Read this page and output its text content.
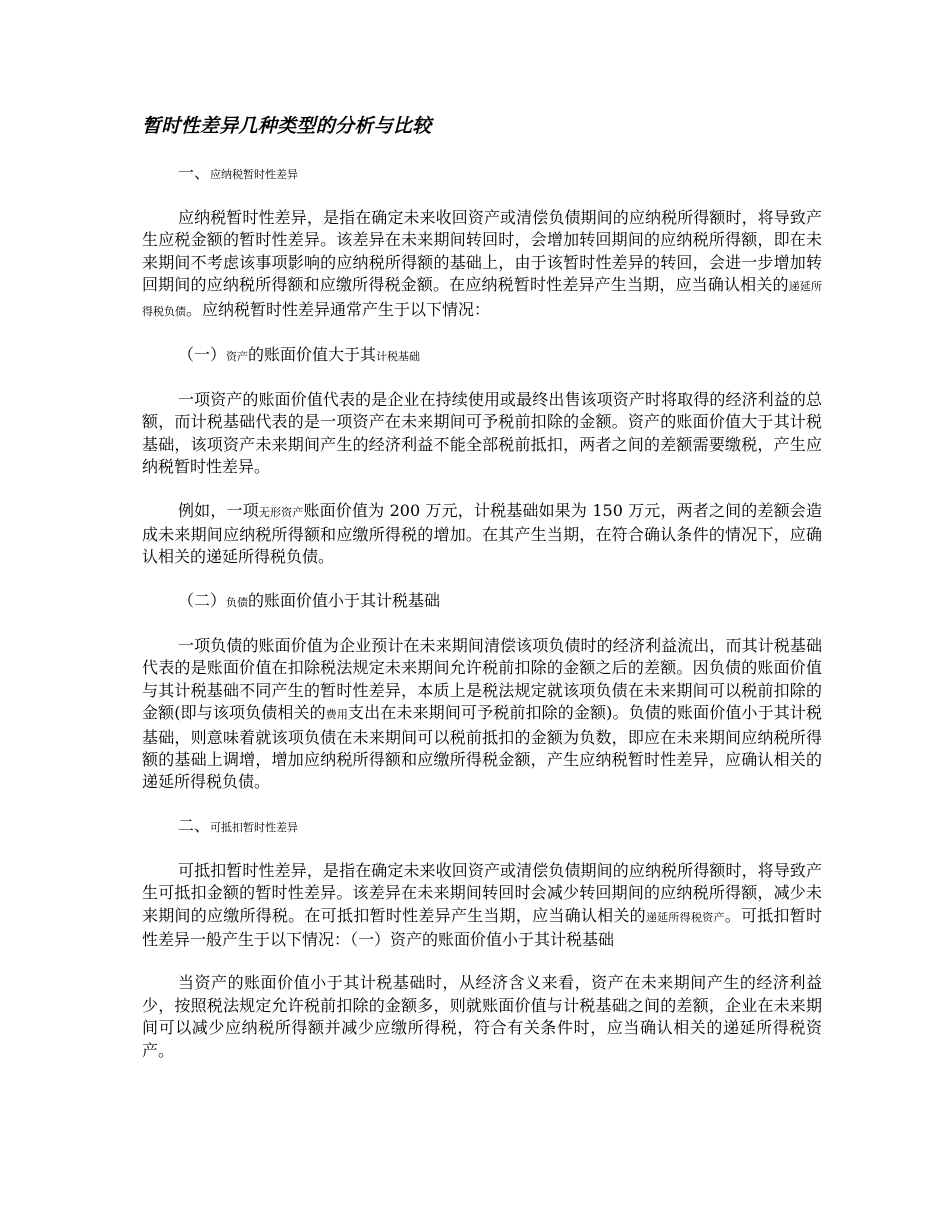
暂时性差异几种类型的分析与比较
一、应纳税暂时性差异

应纳税暂时性差异，是指在确定未来收回资产或清偿负债期间的应纳税所得额时，将导致产生应税金额的暂时性差异。该差异在未来期间转回时，会增加转回期间的应纳税所得额，即在未来期间不考虑该事项影响的应纳税所得额的基础上，由于该暂时性差异的转回，会进一步增加转回期间的应纳税所得额和应缴所得税金额。在应纳税暂时性差异产生当期，应当确认相关的递延所得税负债。应纳税暂时性差异通常产生于以下情况：

（一）资产的账面价值大于其计税基础

一项资产的账面价值代表的是企业在持续使用或最终出售该项资产时将取得的经济利益的总额，而计税基础代表的是一项资产在未来期间可予税前扣除的金额。资产的账面价值大于其计税基础，该项资产未来期间产生的经济利益不能全部税前抵扣，两者之间的差额需要缴税，产生应纳税暂时性差异。

例如，一项无形资产账面价值为 200 万元，计税基础如果为 150 万元，两者之间的差额会造成未来期间应纳税所得额和应缴所得税的增加。在其产生当期，在符合确认条件的情况下，应确认相关的递延所得税负债。

（二）负债的账面价值小于其计税基础

一项负债的账面价值为企业预计在未来期间清偿该项负债时的经济利益流出，而其计税基础代表的是账面价值在扣除税法规定未来期间允许税前扣除的金额之后的差额。因负债的账面价值与其计税基础不同产生的暂时性差异，本质上是税法规定就该项负债在未来期间可以税前扣除的金额(即与该项负债相关的费用支出在未来期间可予税前扣除的金额)。负债的账面价值小于其计税基础，则意味着就该项负债在未来期间可以税前抵扣的金额为负数，即应在未来期间应纳税所得额的基础上调增，增加应纳税所得额和应缴所得税金额，产生应纳税暂时性差异，应确认相关的递延所得税负债。

二、可抵扣暂时性差异

可抵扣暂时性差异，是指在确定未来收回资产或清偿负债期间的应纳税所得额时，将导致产生可抵扣金额的暂时性差异。该差异在未来期间转回时会减少转回期间的应纳税所得额，减少未来期间的应缴所得税。在可抵扣暂时性差异产生当期，应当确认相关的递延所得税资产。可抵扣暂时性差异一般产生于以下情况：（一）资产的账面价值小于其计税基础

当资产的账面价值小于其计税基础时，从经济含义来看，资产在未来期间产生的经济利益少，按照税法规定允许税前扣除的金额多，则就账面价值与计税基础之间的差额，企业在未来期间可以减少应纳税所得额并减少应缴所得税，符合有关条件时，应当确认相关的递延所得税资产。
